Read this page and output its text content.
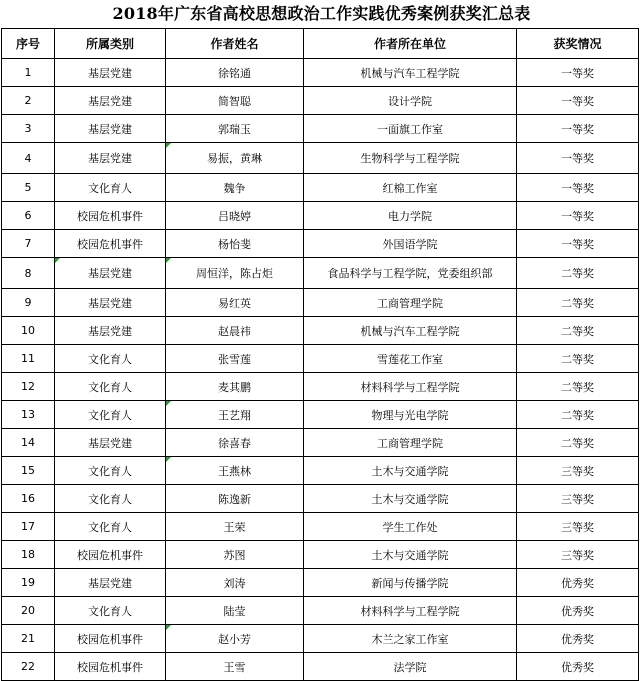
2018年广东省高校思想政治工作实践优秀案例获奖汇总表
序号	所属类别	作者姓名	作者所在单位	获奖情况
1	基层党建	徐铭通	机械与汽车工程学院	一等奖
2	基层党建	简智聪	设计学院	一等奖
3	基层党建	郭瑞玉	一面旗工作室	一等奖
4	基层党建	易振，黄琳	生物科学与工程学院	一等奖
5	文化育人	魏争	红棉工作室	一等奖
6	校园危机事件	吕晓婷	电力学院	一等奖
7	校园危机事件	杨怡斐	外国语学院	一等奖
8	基层党建	周恒洋，陈占炬	食品科学与工程学院，党委组织部	二等奖
9	基层党建	易红英	工商管理学院	二等奖
10	基层党建	赵晨祎	机械与汽车工程学院	二等奖
11	文化育人	张雪莲	雪莲花工作室	二等奖
12	文化育人	麦其鹏	材料科学与工程学院	二等奖
13	文化育人	王艺翔	物理与光电学院	二等奖
14	基层党建	徐喜春	工商管理学院	二等奖
15	文化育人	王燕林	土木与交通学院	三等奖
16	文化育人	陈逸新	土木与交通学院	三等奖
17	文化育人	王荣	学生工作处	三等奖
18	校园危机事件	苏图	土木与交通学院	三等奖
19	基层党建	刘涛	新闻与传播学院	优秀奖
20	文化育人	陆莹	材料科学与工程学院	优秀奖
21	校园危机事件	赵小芳	木兰之家工作室	优秀奖
22	校园危机事件	王雪	法学院	优秀奖
